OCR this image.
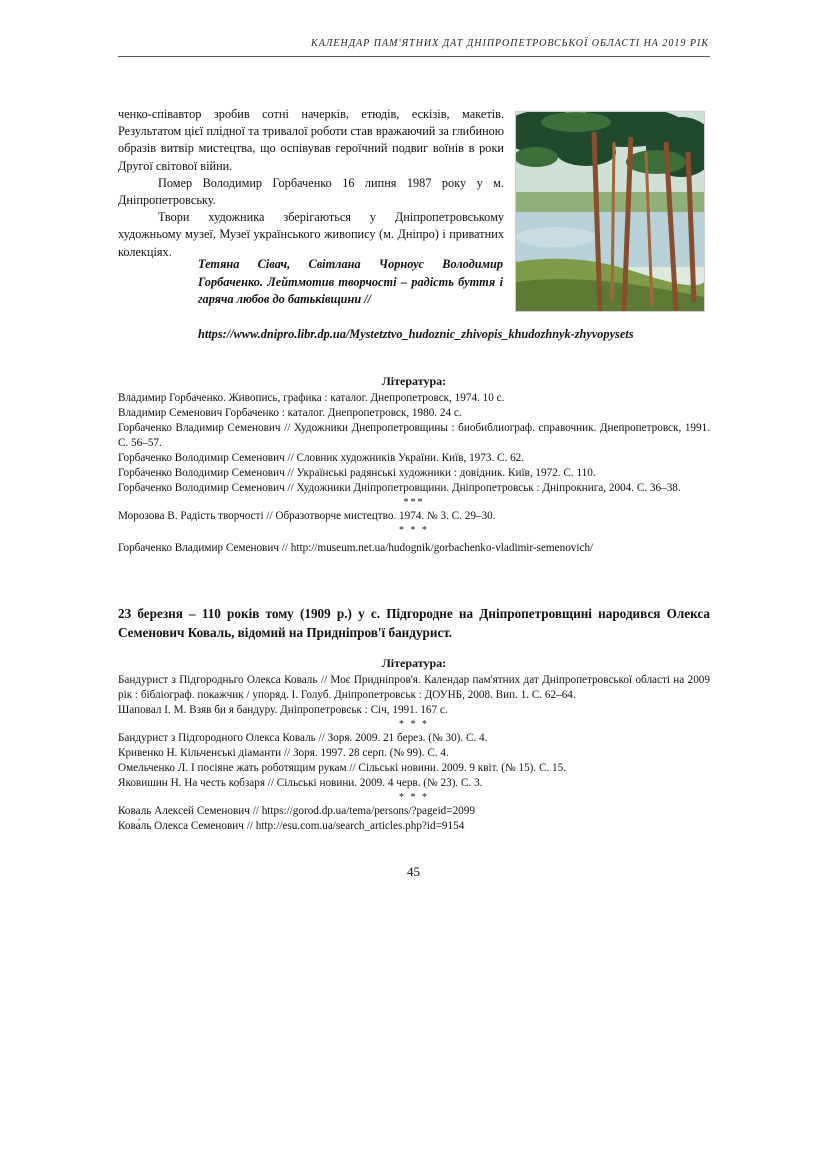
КАЛЕНДАР ПАМ'ЯТНИХ ДАТ ДНІПРОПЕТРОВСЬКОЇ ОБЛАСТІ НА 2019 РІК

ченко-співавтор зробив сотні начерків, етюдів, ескізів, макетів. Результатом цієї плідної та тривалої роботи став вражаючий за глибиною образів витвір мистецтва, що оспівував героїчний подвиг воїнів в роки Другої світової війни.

Помер Володимир Горбаченко 16 липня 1987 року у м. Дніпропетровську.

Твори художника зберігаються у Дніпропетровському художньому музеї, Музеї українського живопису (м. Дніпро) і приватних колекціях.

Тетяна Сівач, Світлана Чорноус Володимир Горбаченко. Лейтмотив творчості – радість буття і гаряча любов до батьківщини //

https://www.dnipro.libr.dp.ua/Mystetztvo_hudoznic_zhivopis_khudozhnyk-zhyvopysets

Література:

Владимир Горбаченко. Живопись, графика : каталог. Днепропетровск, 1974. 10 с.

Владимир Семенович Горбаченко : каталог. Днепропетровск, 1980. 24 с.

Горбаченко Владимир Семенович // Художники Днепропетровщины : биобиблиограф. справочник. Днепропетровск, 1991. С. 56–57.

Горбаченко Володимир Семенович // Словник художників України. Київ, 1973. С. 62.

Горбаченко Володимир Семенович // Українські радянські художники : довідник. Київ, 1972. С. 110.

Горбаченко Володимир Семенович // Художники Дніпропетровщини. Дніпропетровськ : Дніпрокнига, 2004. С. 36–38.

***

Морозова В. Радість творчості // Образотворче мистецтво. 1974. № 3. С. 29–30.

* * *

Горбаченко Владимир Семенович // http://museum.net.ua/hudognik/gorbachenko-vladimir-semenovich/

23 березня – 110 років тому (1909 р.) у с. Підгородне на Дніпропетровщині народився Олекса Семенович Коваль, відомий на Придніпров'ї бандурист.

Література:

Бандурист з Підгородньго Олекса Коваль // Моє Придніпров'я. Календар пам'ятних дат Дніпропетровської області на 2009 рік : бібліограф. покажчик / упоряд. І. Голуб. Дніпропетровськ : ДОУНБ, 2008. Вип. 1. С. 62–64.

Шаповал І. М. Взяв би я бандуру. Дніпропетровськ : Січ, 1991. 167 с.

* * *

Бандурист з Підгородного Олекса Коваль // Зоря. 2009. 21 берез. (№ 30). С. 4.

Кривенко Н. Кільченські діаманти // Зоря. 1997. 28 серп. (№ 99). С. 4.

Омельченко Л. І посіяне жать роботящим рукам // Сільські новини. 2009. 9 квіт. (№ 15). С. 15.

Яковишин Н. На честь кобзаря // Сільські новини. 2009. 4 черв. (№ 23). С. 3.

* * *

Коваль Алексей Семенович // https://gorod.dp.ua/tema/persons/?pageid=2099

Кова́ль Олекса Семенович // http://esu.com.ua/search_articles.php?id=9154

45
